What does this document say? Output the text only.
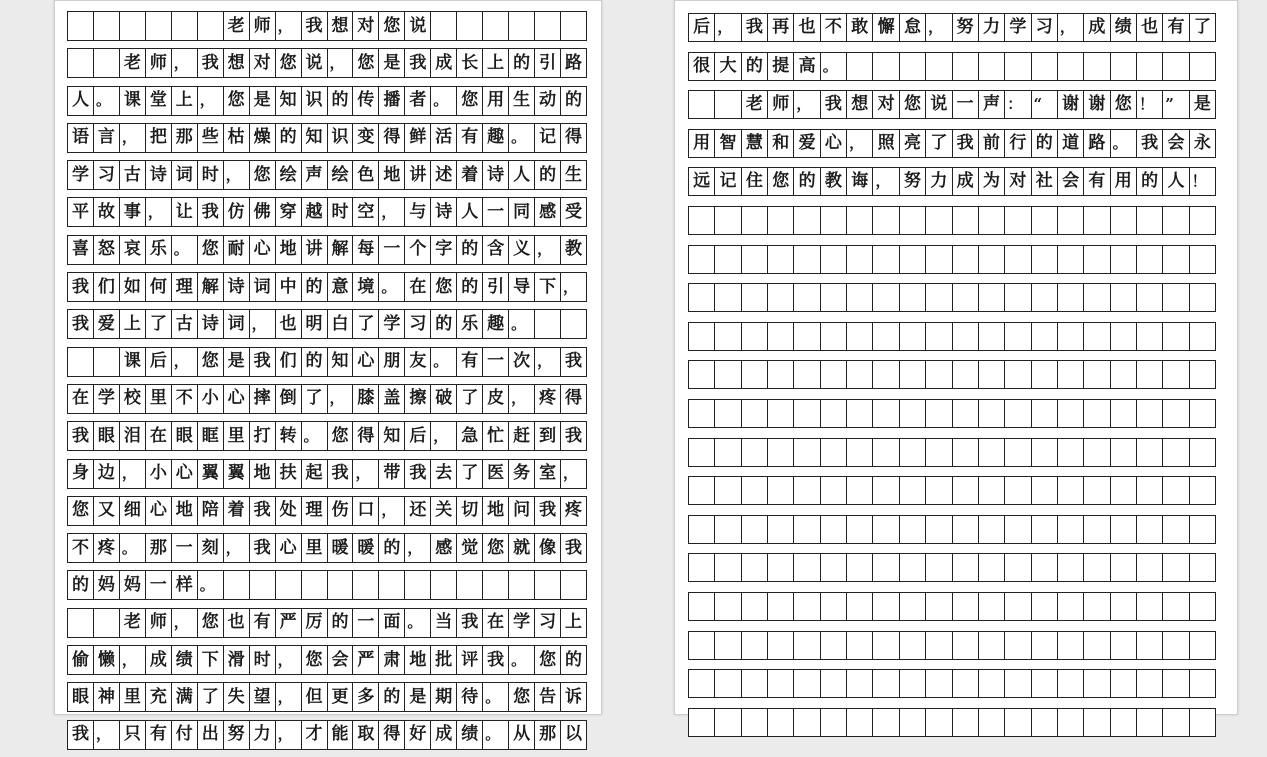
老 师 ， 我 想 对 您 说
老 师 ， 我 想 对 您 说 ， 您 是 我 成 长 上 的 引 路
人 。 课 堂 上 ， 您 是 知 识 的 传 播 者 。 您 用 生 动 的
语 言 ， 把 那 些 枯 燥 的 知 识 变 得 鲜 活 有 趣 。 记 得
学 习 古 诗 词 时 ， 您 绘 声 绘 色 地 讲 述 着 诗 人 的 生
平 故 事 ， 让 我 仿 佛 穿 越 时 空 ， 与 诗 人 一 同 感 受
喜 怒 哀 乐 。 您 耐 心 地 讲 解 每 一 个 字 的 含 义 ， 教
我 们 如 何 理 解 诗 词 中 的 意 境 。 在 您 的 引 导 下 ，
我 爱 上 了 古 诗 词 ， 也 明 白 了 学 习 的 乐 趣 。
课 后 ， 您 是 我 们 的 知 心 朋 友 。 有 一 次 ， 我
在 学 校 里 不 小 心 摔 倒 了 ， 膝 盖 擦 破 了 皮 ， 疼 得
我 眼 泪 在 眼 眶 里 打 转 。 您 得 知 后 ， 急 忙 赶 到 我
身 边 ， 小 心 翼 翼 地 扶 起 我 ， 带 我 去 了 医 务 室 ，
您 又 细 心 地 陪 着 我 处 理 伤 口 ， 还 关 切 地 问 我 疼
不 疼 。 那 一 刻 ， 我 心 里 暖 暖 的 ， 感 觉 您 就 像 我
的 妈 妈 一 样 。
老 师 ， 您 也 有 严 厉 的 一 面 。 当 我 在 学 习 上
偷 懒 ， 成 绩 下 滑 时 ， 您 会 严 肃 地 批 评 我 。 您 的
眼 神 里 充 满 了 失 望 ， 但 更 多 的 是 期 待 。 您 告 诉
我 ， 只 有 付 出 努 力 ， 才 能 取 得 好 成 绩 。 从 那 以
后 ， 我 再 也 不 敢 懈 怠 ， 努 力 学 习 ， 成 绩 也 有 了
很 大 的 提 高 。
老 师 ， 我 想 对 您 说 一 声 ： “	谢 谢 您 ！ ”	是
用 智 慧 和 爱 心 ， 照 亮 了 我 前 行 的 道 路 。 我 会 永
远 记 住 您 的 教 诲 ， 努 力 成 为 对 社 会 有 用 的 人 ！
